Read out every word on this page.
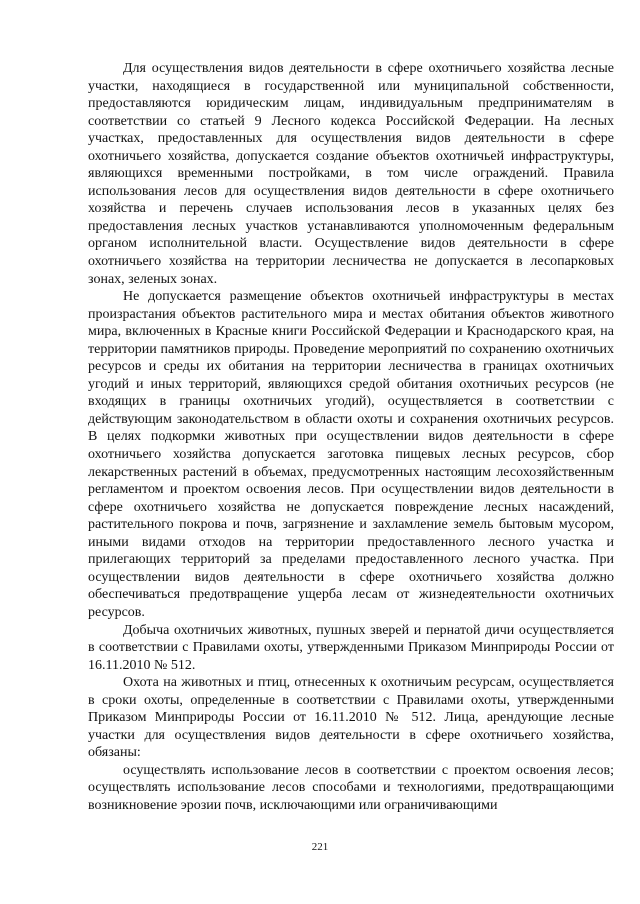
Для осуществления видов деятельности в сфере охотничьего хозяйства лесные участки, находящиеся в государственной или муниципальной собственности, предоставляются юридическим лицам, индивидуальным предпринимателям в соответствии со статьей 9 Лесного кодекса Российской Федерации. На лесных участках, предоставленных для осуществления видов деятельности в сфере охотничьего хозяйства, допускается создание объектов охотничьей инфраструктуры, являющихся временными постройками, в том числе ограждений. Правила использования лесов для осуществления видов деятельности в сфере охотничьего хозяйства и перечень случаев использования лесов в указанных целях без предоставления лесных участков устанавливаются уполномоченным федеральным органом исполнительной власти. Осуществление видов деятельности в сфере охотничьего хозяйства на территории лесничества не допускается в лесопарковых зонах, зеленых зонах.

Не допускается размещение объектов охотничьей инфраструктуры в местах произрастания объектов растительного мира и местах обитания объектов животного мира, включенных в Красные книги Российской Федерации и Краснодарского края, на территории памятников природы. Проведение мероприятий по сохранению охотничьих ресурсов и среды их обитания на территории лесничества в границах охотничьих угодий и иных территорий, являющихся средой обитания охотничьих ресурсов (не входящих в границы охотничьих угодий), осуществляется в соответствии с действующим законодательством в области охоты и сохранения охотничьих ресурсов. В целях подкормки животных при осуществлении видов деятельности в сфере охотничьего хозяйства допускается заготовка пищевых лесных ресурсов, сбор лекарственных растений в объемах, предусмотренных настоящим лесохозяйственным регламентом и проектом освоения лесов. При осуществлении видов деятельности в сфере охотничьего хозяйства не допускается повреждение лесных насаждений, растительного покрова и почв, загрязнение и захламление земель бытовым мусором, иными видами отходов на территории предоставленного лесного участка и прилегающих территорий за пределами предоставленного лесного участка. При осуществлении видов деятельности в сфере охотничьего хозяйства должно обеспечиваться предотвращение ущерба лесам от жизнедеятельности охотничьих ресурсов.

Добыча охотничьих животных, пушных зверей и пернатой дичи осуществляется в соответствии с Правилами охоты, утвержденными Приказом Минприроды России от 16.11.2010 № 512.

Охота на животных и птиц, отнесенных к охотничьим ресурсам, осуществляется в сроки охоты, определенные в соответствии с Правилами охоты, утвержденными Приказом Минприроды России от 16.11.2010 № 512. Лица, арендующие лесные участки для осуществления видов деятельности в сфере охотничьего хозяйства, обязаны:

осуществлять использование лесов в соответствии с проектом освоения лесов; осуществлять использование лесов способами и технологиями, предотвращающими возникновение эрозии почв, исключающими или ограничивающими

221
